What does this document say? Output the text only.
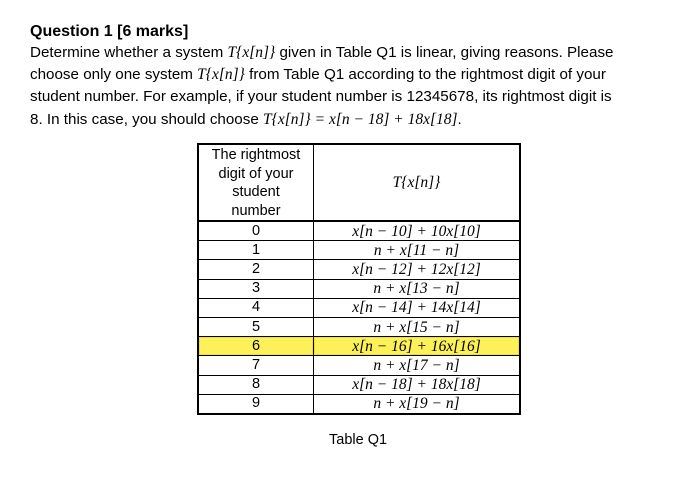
Question 1 [6 marks]
Determine whether a system T{x[n]} given in Table Q1 is linear, giving reasons. Please
choose only one system T{x[n]} from Table Q1 according to the rightmost digit of your
student number. For example, if your student number is 12345678, its rightmost digit is
8. In this case, you should choose T{x[n]} = x[n − 18] + 18x[18].
The rightmost
digit of your
student
number	T{x[n]}
0	x[n − 10] + 10x[10]
1	n + x[11 − n]
2	x[n − 12] + 12x[12]
3	n + x[13 − n]
4	x[n − 14] + 14x[14]
5	n + x[15 − n]
6	x[n − 16] + 16x[16]
7	n + x[17 − n]
8	x[n − 18] + 18x[18]
9	n + x[19 − n]
Table Q1
